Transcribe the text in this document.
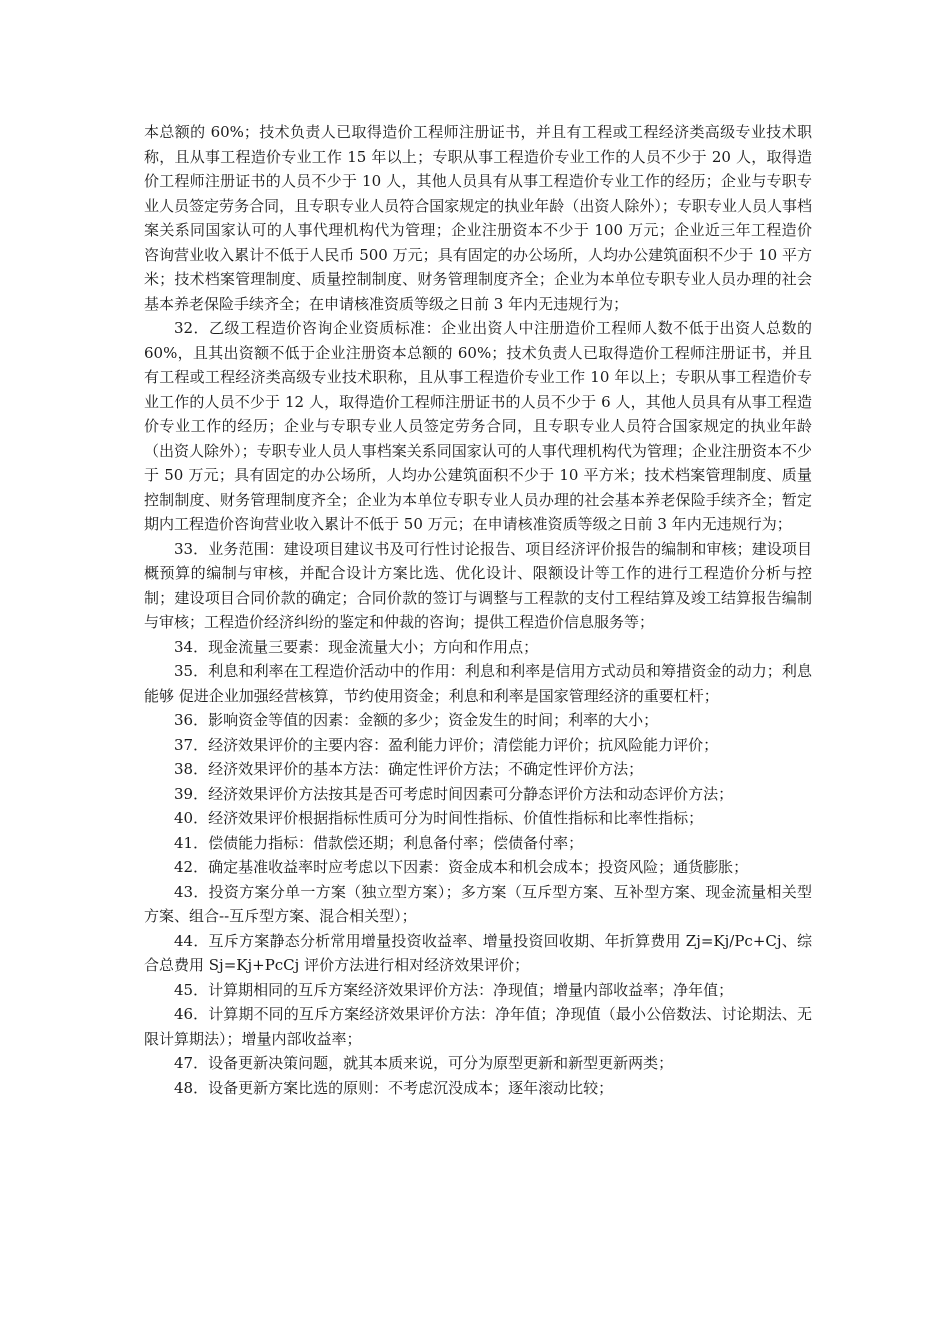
本总额的 60%；技术负责人已取得造价工程师注册证书，并且有工程或工程经济类高级专业技术职称，且从事工程造价专业工作 15 年以上；专职从事工程造价专业工作的人员不少于 20 人，取得造价工程师注册证书的人员不少于 10 人，其他人员具有从事工程造价专业工作的经历；企业与专职专业人员签定劳务合同，且专职专业人员符合国家规定的执业年龄（出资人除外）；专职专业人员人事档案关系同国家认可的人事代理机构代为管理；企业注册资本不少于 100 万元；企业近三年工程造价咨询营业收入累计不低于人民币 500 万元；具有固定的办公场所，人均办公建筑面积不少于 10 平方米；技术档案管理制度、质量控制制度、财务管理制度齐全；企业为本单位专职专业人员办理的社会基本养老保险手续齐全；在申请核准资质等级之日前 3 年内无违规行为；

32．乙级工程造价咨询企业资质标准：企业出资人中注册造价工程师人数不低于出资人总数的 60%，且其出资额不低于企业注册资本总额的 60%；技术负责人已取得造价工程师注册证书，并且有工程或工程经济类高级专业技术职称，且从事工程造价专业工作 10 年以上；专职从事工程造价专业工作的人员不少于 12 人，取得造价工程师注册证书的人员不少于 6 人，其他人员具有从事工程造价专业工作的经历；企业与专职专业人员签定劳务合同，且专职专业人员符合国家规定的执业年龄（出资人除外）；专职专业人员人事档案关系同国家认可的人事代理机构代为管理；企业注册资本不少于 50 万元；具有固定的办公场所，人均办公建筑面积不少于 10 平方米；技术档案管理制度、质量控制制度、财务管理制度齐全；企业为本单位专职专业人员办理的社会基本养老保险手续齐全；暂定期内工程造价咨询营业收入累计不低于 50 万元；在申请核准资质等级之日前 3 年内无违规行为；

33．业务范围：建设项目建议书及可行性讨论报告、项目经济评价报告的编制和审核；建设项目概预算的编制与审核，并配合设计方案比选、优化设计、限额设计等工作的进行工程造价分析与控制；建设项目合同价款的确定；合同价款的签订与调整与工程款的支付工程结算及竣工结算报告编制与审核；工程造价经济纠纷的鉴定和仲裁的咨询；提供工程造价信息服务等；

34．现金流量三要素：现金流量大小；方向和作用点；

35．利息和利率在工程造价活动中的作用：利息和利率是信用方式动员和筹措资金的动力；利息能够 促进企业加强经营核算，节约使用资金；利息和利率是国家管理经济的重要杠杆；

36．影响资金等值的因素：金额的多少；资金发生的时间；利率的大小；

37．经济效果评价的主要内容：盈利能力评价；清偿能力评价；抗风险能力评价；

38．经济效果评价的基本方法：确定性评价方法；不确定性评价方法；

39．经济效果评价方法按其是否可考虑时间因素可分静态评价方法和动态评价方法；

40．经济效果评价根据指标性质可分为时间性指标、价值性指标和比率性指标；

41．偿债能力指标：借款偿还期；利息备付率；偿债备付率；

42．确定基准收益率时应考虑以下因素：资金成本和机会成本；投资风险；通货膨胀；

43．投资方案分单一方案（独立型方案）；多方案（互斥型方案、互补型方案、现金流量相关型方案、组合--互斥型方案、混合相关型）；

44．互斥方案静态分析常用增量投资收益率、增量投资回收期、年折算费用 Zj=Kj/Pc+Cj、综合总费用 Sj=Kj+PcCj 评价方法进行相对经济效果评价；

45．计算期相同的互斥方案经济效果评价方法：净现值；增量内部收益率；净年值；

46．计算期不同的互斥方案经济效果评价方法：净年值；净现值（最小公倍数法、讨论期法、无限计算期法）；增量内部收益率；

47．设备更新决策问题，就其本质来说，可分为原型更新和新型更新两类；

48．设备更新方案比选的原则：不考虑沉没成本；逐年滚动比较；
